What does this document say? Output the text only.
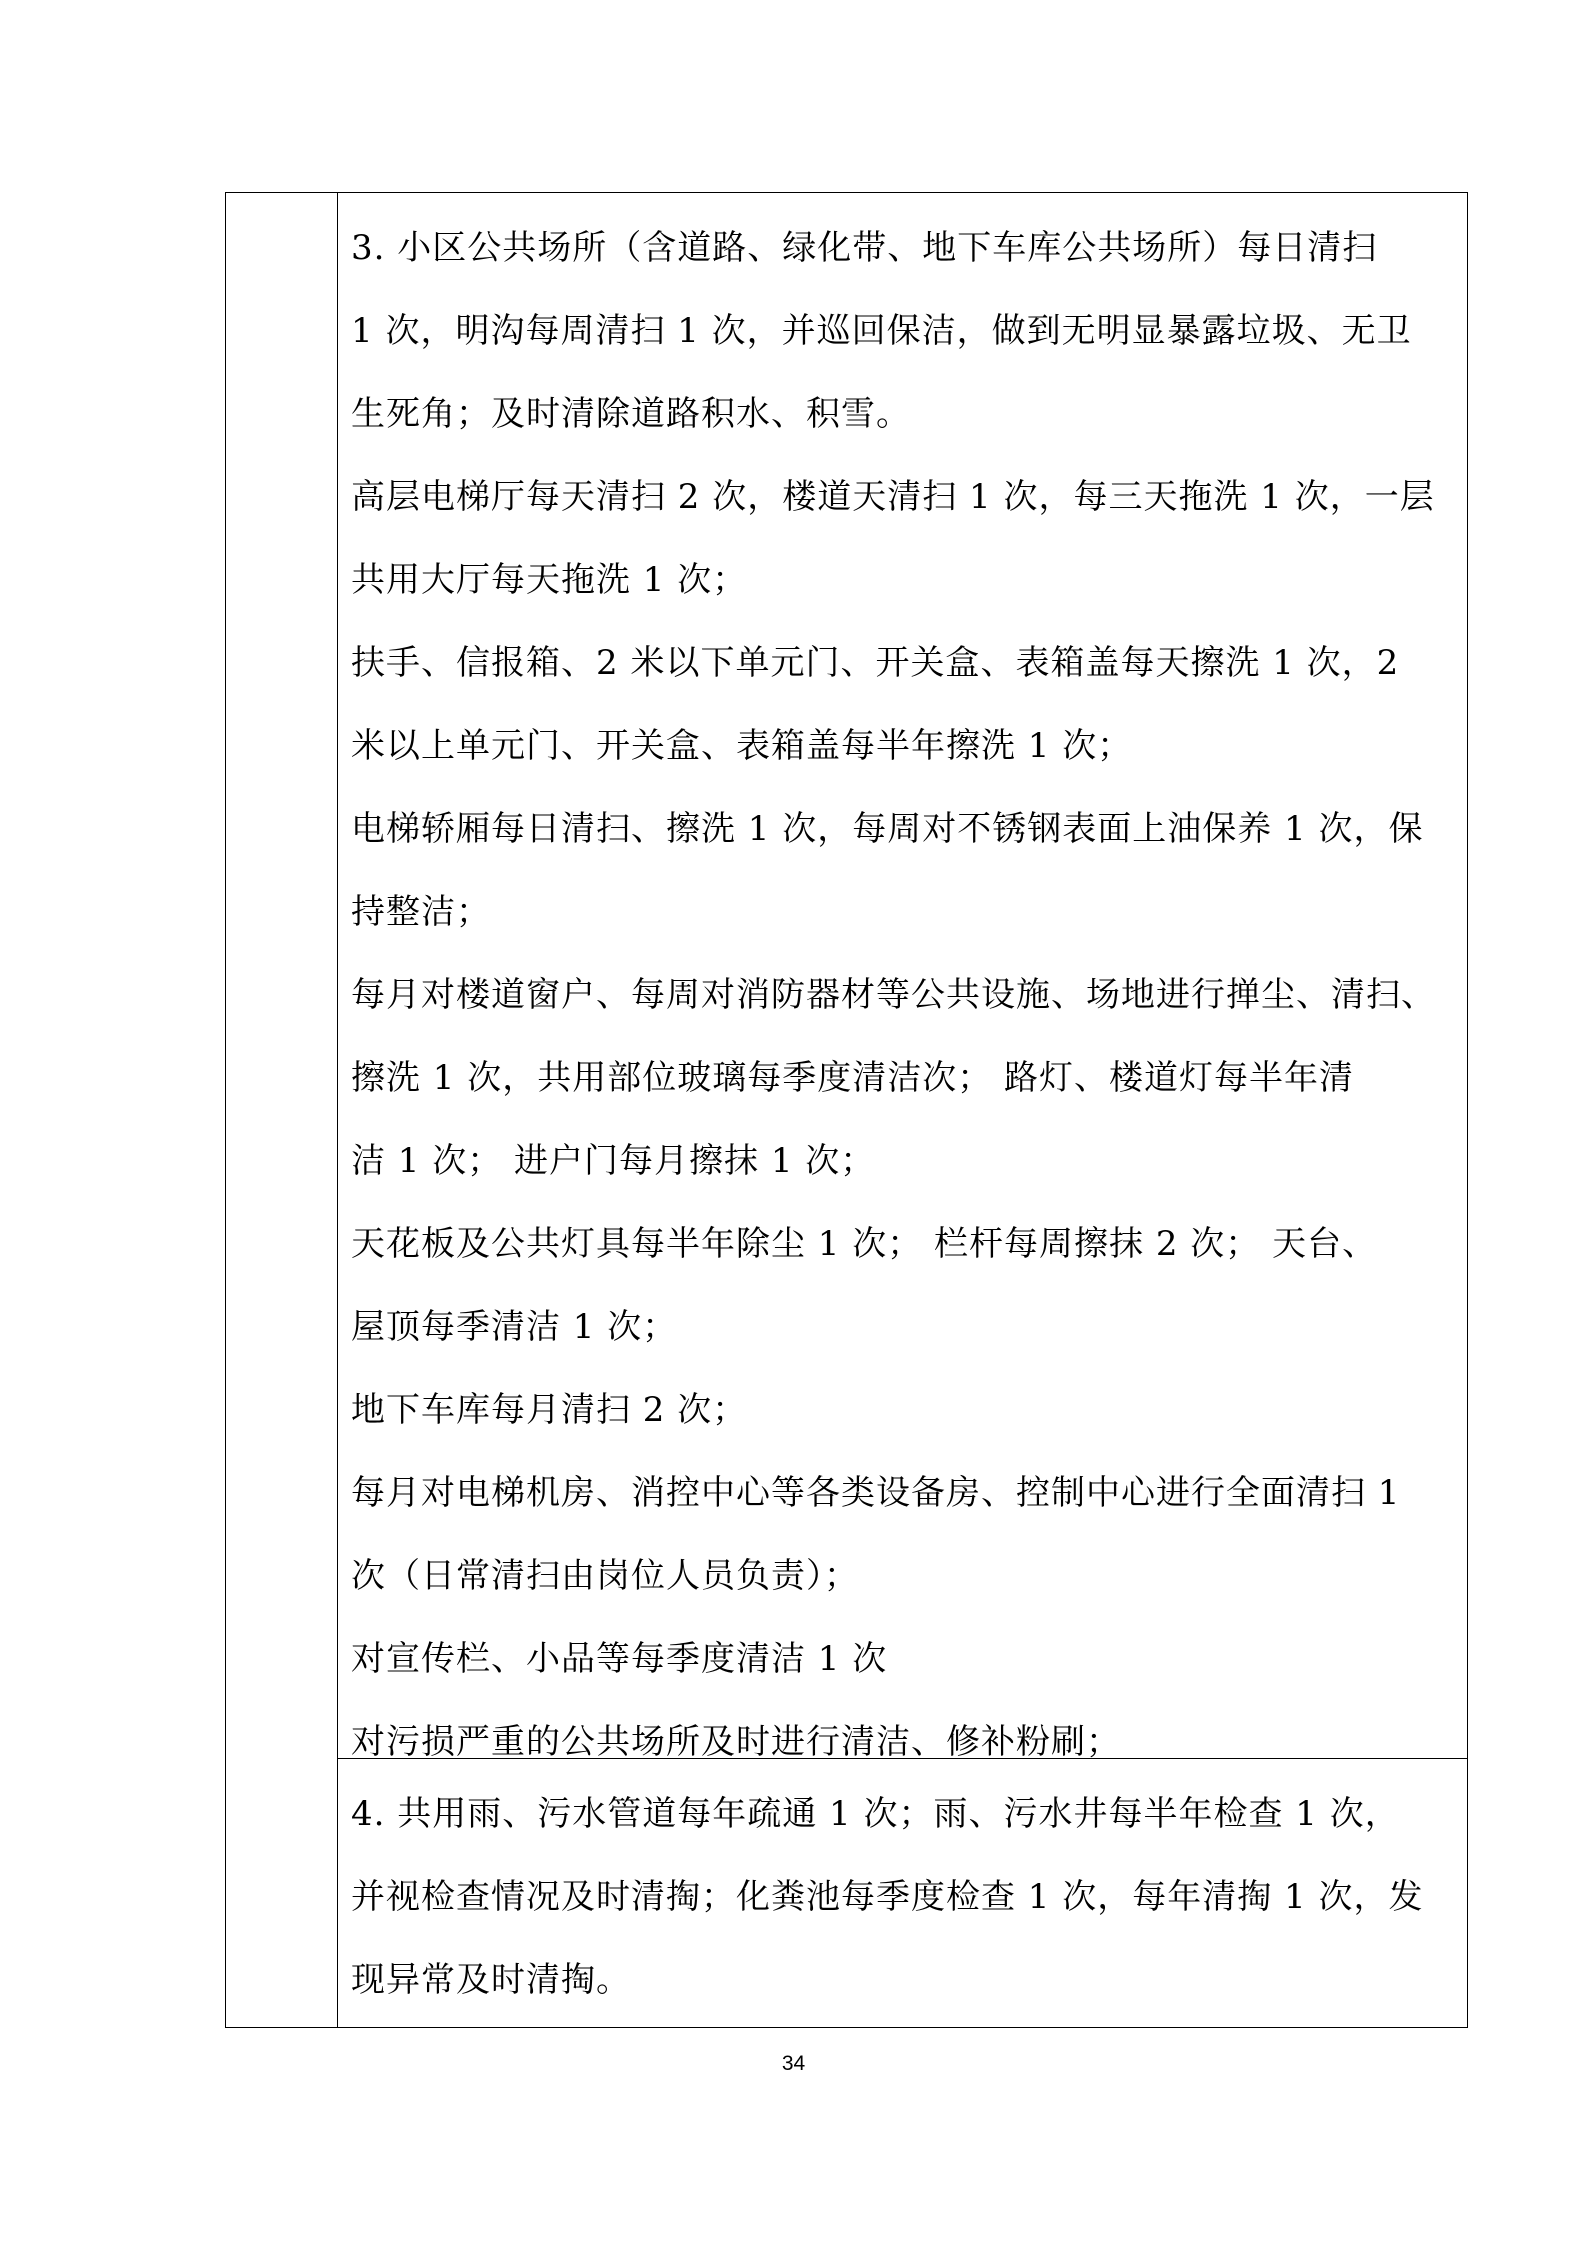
3. 小区公共场所（含道路、绿化带、地下车库公共场所）每日清扫

1 次，明沟每周清扫 1 次，并巡回保洁，做到无明显暴露垃圾、无卫

生死角；及时清除道路积水、积雪。

高层电梯厅每天清扫 2 次，楼道天清扫 1 次，每三天拖洗 1 次，一层

共用大厅每天拖洗 1 次；

扶手、信报箱、2 米以下单元门、开关盒、表箱盖每天擦洗 1 次，2

米以上单元门、开关盒、表箱盖每半年擦洗 1 次；

电梯轿厢每日清扫、擦洗 1 次，每周对不锈钢表面上油保养 1 次，保

持整洁；

每月对楼道窗户、每周对消防器材等公共设施、场地进行掸尘、清扫、

擦洗 1 次，共用部位玻璃每季度清洁次； 路灯、楼道灯每半年清

洁 1 次； 进户门每月擦抹 1 次；

天花板及公共灯具每半年除尘 1 次； 栏杆每周擦抹 2 次； 天台、

屋顶每季清洁 1 次；

地下车库每月清扫 2 次；

每月对电梯机房、消控中心等各类设备房、控制中心进行全面清扫 1

次（日常清扫由岗位人员负责）；

对宣传栏、小品等每季度清洁 1 次

对污损严重的公共场所及时进行清洁、修补粉刷；

4. 共用雨、污水管道每年疏通 1 次；雨、污水井每半年检查 1 次，

并视检查情况及时清掏；化粪池每季度检查 1 次，每年清掏 1 次，发

现异常及时清掏。

34
